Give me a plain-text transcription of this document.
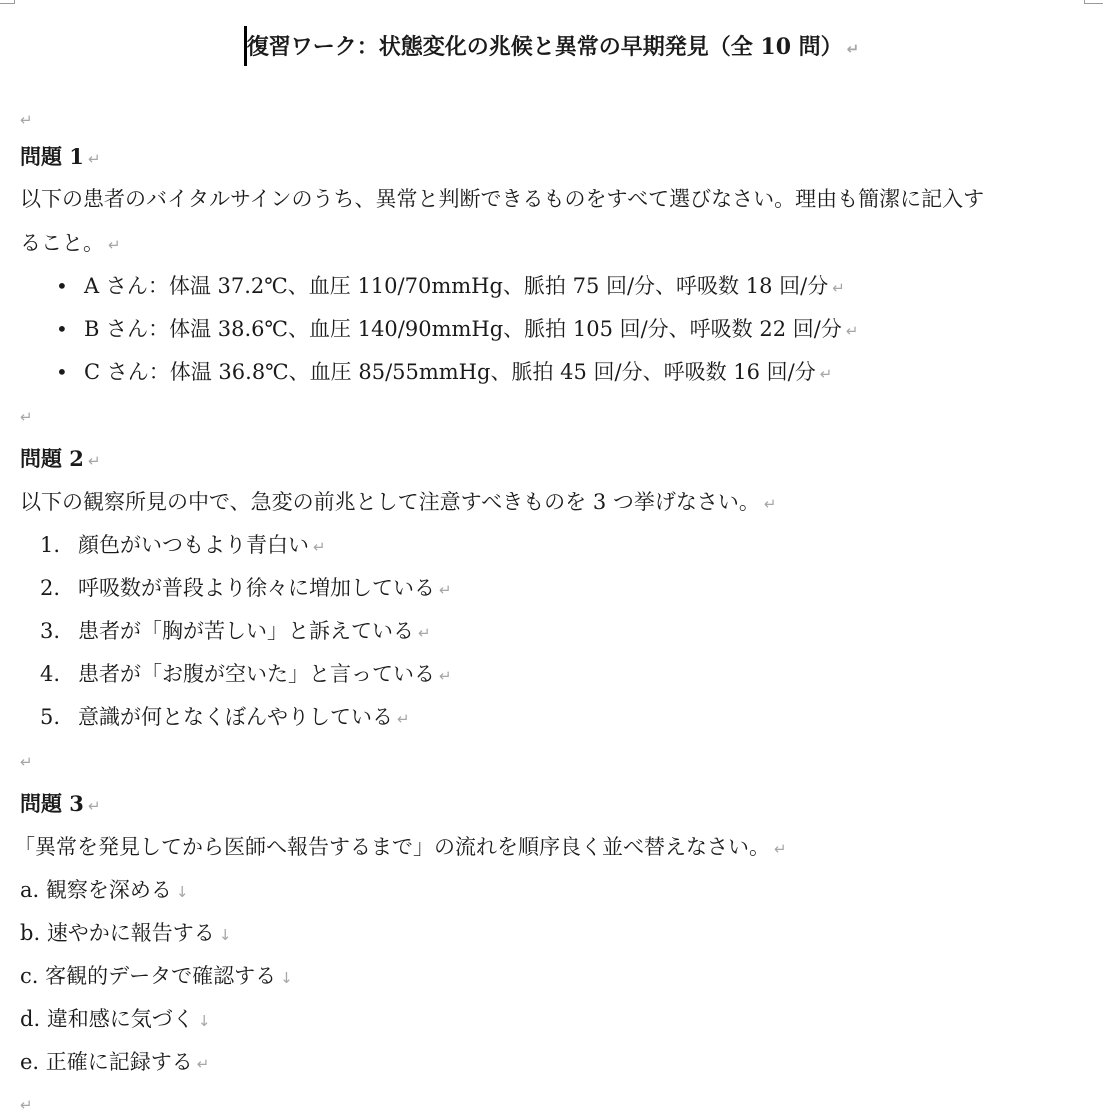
復習ワーク：状態変化の兆候と異常の早期発見（全 10 問） ↵
↵
問題 1 ↵
以下の患者のバイタルサインのうち、異常と判断できるものをすべて選びなさい。理由も簡潔に記入す
ること。 ↵
• A さん：体温 37.2℃、血圧 110/70mmHg、脈拍 75 回/分、呼吸数 18 回/分 ↵
• B さん：体温 38.6℃、血圧 140/90mmHg、脈拍 105 回/分、呼吸数 22 回/分 ↵
• C さん：体温 36.8℃、血圧 85/55mmHg、脈拍 45 回/分、呼吸数 16 回/分 ↵
↵
問題 2 ↵
以下の観察所見の中で、急変の前兆として注意すべきものを 3 つ挙げなさい。 ↵
1. 顔色がいつもより青白い ↵
2. 呼吸数が普段より徐々に増加している ↵
3. 患者が「胸が苦しい」と訴えている ↵
4. 患者が「お腹が空いた」と言っている ↵
5. 意識が何となくぼんやりしている ↵
↵
問題 3 ↵
「異常を発見してから医師へ報告するまで」の流れを順序良く並べ替えなさい。 ↵
a. 観察を深める ↓
b. 速やかに報告する ↓
c. 客観的データで確認する ↓
d. 違和感に気づく ↓
e. 正確に記録する ↵
↵
